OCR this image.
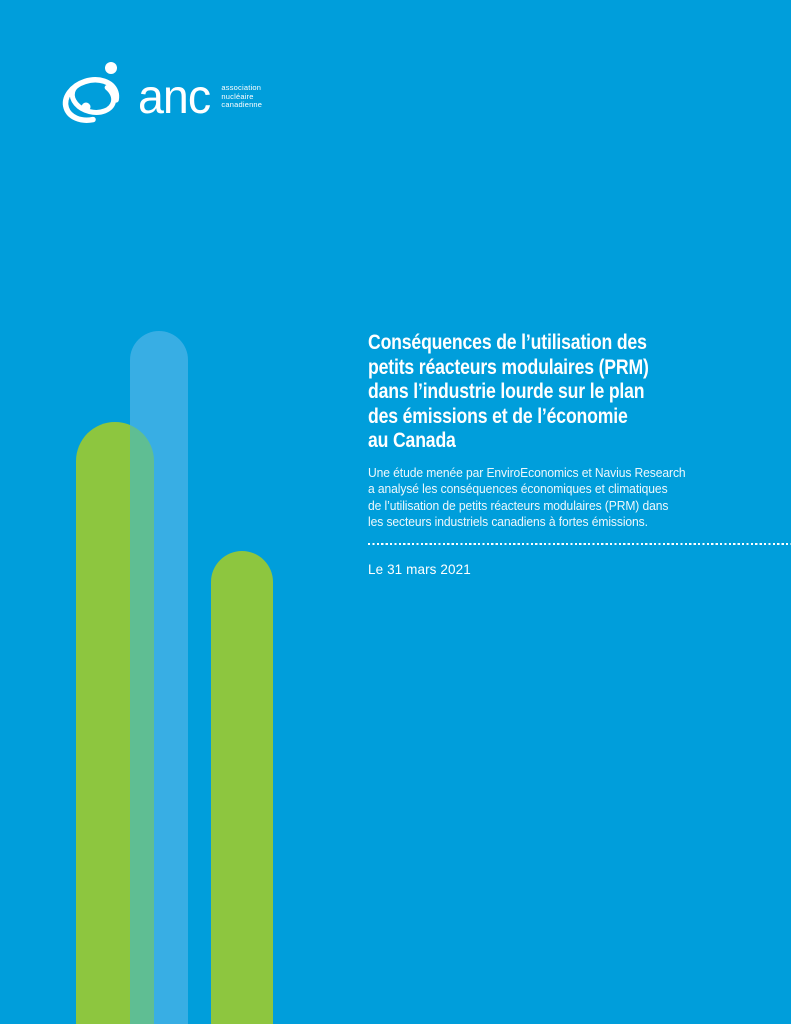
anc association
nucléaire
canadienne
Conséquences de l’utilisation des
petits réacteurs modulaires (PRM)
dans l’industrie lourde sur le plan
des émissions et de l’économie
au Canada
Une étude menée par EnviroEconomics et Navius Research
a analysé les conséquences économiques et climatiques
de l’utilisation de petits réacteurs modulaires (PRM) dans
les secteurs industriels canadiens à fortes émissions.
Le 31 mars 2021
